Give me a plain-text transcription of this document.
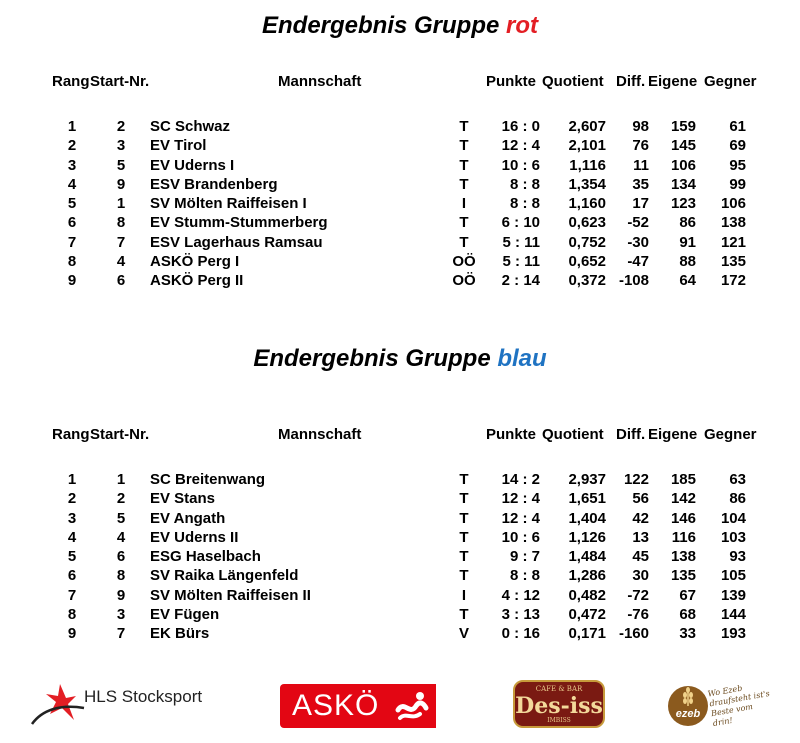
Endergebnis Gruppe rot
Rang Start-Nr.	Mannschaft	Punkte Quotient Diff. Eigene Gegner
1	2	SC Schwaz	T	16 : 0	2,607	98	159	61
2	3	EV Tirol	T	12 : 4	2,101	76	145	69
3	5	EV Uderns I	T	10 : 6	1,116	11	106	95
4	9	ESV Brandenberg	T	8 : 8	1,354	35	134	99
5	1	SV Mölten Raiffeisen I	I	8 : 8	1,160	17	123	106
6	8	EV Stumm-Stummerberg	T	6 : 10	0,623	-52	86	138
7	7	ESV Lagerhaus Ramsau	T	5 : 11	0,752	-30	91	121
8	4	ASKÖ Perg I	OÖ	5 : 11	0,652	-47	88	135
9	6	ASKÖ Perg II	OÖ	2 : 14	0,372 -108	64	172
Endergebnis Gruppe blau
Rang Start-Nr.	Mannschaft	Punkte Quotient Diff. Eigene Gegner
1	1	SC Breitenwang	T	14 : 2	2,937	122	185	63
2	2	EV Stans	T	12 : 4	1,651	56	142	86
3	5	EV Angath	T	12 : 4	1,404	42	146	104
4	4	EV Uderns II	T	10 : 6	1,126	13	116	103
5	6	ESG Haselbach	T	9 : 7	1,484	45	138	93
6	8	SV Raika Längenfeld	T	8 : 8	1,286	30	135	105
7	9	SV Mölten Raiffeisen II	I	4 : 12	0,482	-72	67	139
8	3	EV Fügen	T	3 : 13	0,472	-76	68	144
9	7	EK Bürs	V	0 : 16	0,171 -160	33	193
HLS Stocksport	ASKÖ	CAFE & BAR
Des-iss
IMBISS
ezeb
Wo Ezeb draufsteht ist's Beste vom drin!
